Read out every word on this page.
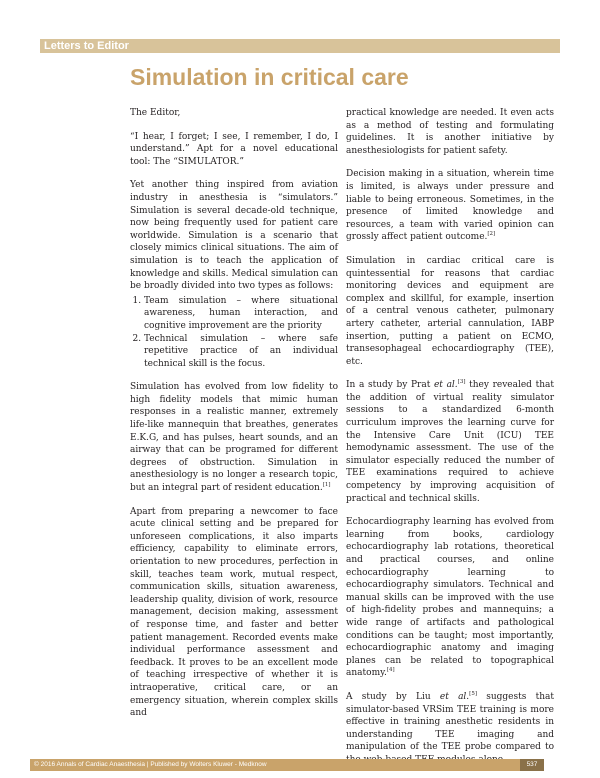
Letters to Editor
Simulation in critical care

The Editor,

“I hear, I forget; I see, I remember, I do, I understand.” Apt for a novel educational tool: The “SIMULATOR.”

Yet another thing inspired from aviation industry in anesthesia is “simulators.” Simulation is several decade-old technique, now being frequently used for patient care worldwide. Simulation is a scenario that closely mimics clinical situations. The aim of simulation is to teach the application of knowledge and skills. Medical simulation can be broadly divided into two types as follows:

1. Team simulation – where situational awareness, human interaction, and cognitive improvement are the priority
2. Technical simulation – where safe repetitive practice of an individual technical skill is the focus.

Simulation has evolved from low fidelity to high fidelity models that mimic human responses in a realistic manner, extremely life-like mannequin that breathes, generates E.K.G, and has pulses, heart sounds, and an airway that can be programed for different degrees of obstruction. Simulation in anesthesiology is no longer a research topic, but an integral part of resident education.[1]

Apart from preparing a newcomer to face acute clinical setting and be prepared for unforeseen complications, it also imparts efficiency, capability to eliminate errors, orientation to new procedures, perfection in skill, teaches team work, mutual respect, communication skills, situation awareness, leadership quality, division of work, resource management, decision making, assessment of response time, and faster and better patient management. Recorded events make individual performance assessment and feedback. It proves to be an excellent mode of teaching irrespective of whether it is intraoperative, critical care, or an emergency situation, wherein complex skills and

practical knowledge are needed. It even acts as a method of testing and formulating guidelines. It is another initiative by anesthesiologists for patient safety.

Decision making in a situation, wherein time is limited, is always under pressure and liable to being erroneous. Sometimes, in the presence of limited knowledge and resources, a team with varied opinion can grossly affect patient outcome.[2]

Simulation in cardiac critical care is quintessential for reasons that cardiac monitoring devices and equipment are complex and skillful, for example, insertion of a central venous catheter, pulmonary artery catheter, arterial cannulation, IABP insertion, putting a patient on ECMO, transesophageal echocardiography (TEE), etc.

In a study by Prat et al.[3] they revealed that the addition of virtual reality simulator sessions to a standardized 6-month curriculum improves the learning curve for the Intensive Care Unit (ICU) TEE hemodynamic assessment. The use of the simulator especially reduced the number of TEE examinations required to achieve competency by improving acquisition of practical and technical skills.

Echocardiography learning has evolved from learning from books, cardiology echocardiography lab rotations, theoretical and practical courses, and online echocardiography learning to echocardiography simulators. Technical and manual skills can be improved with the use of high-fidelity probes and mannequins; a wide range of artifacts and pathological conditions can be taught; most importantly, echocardiographic anatomy and imaging planes can be related to topographical anatomy.[4]

A study by Liu et al.[5] suggests that simulator-based VRSim TEE training is more effective in training anesthetic residents in understanding TEE imaging and manipulation of the TEE probe compared to

© 2016 Annals of Cardiac Anaesthesia | Published by Wolters Kluwer - Medknow	537
